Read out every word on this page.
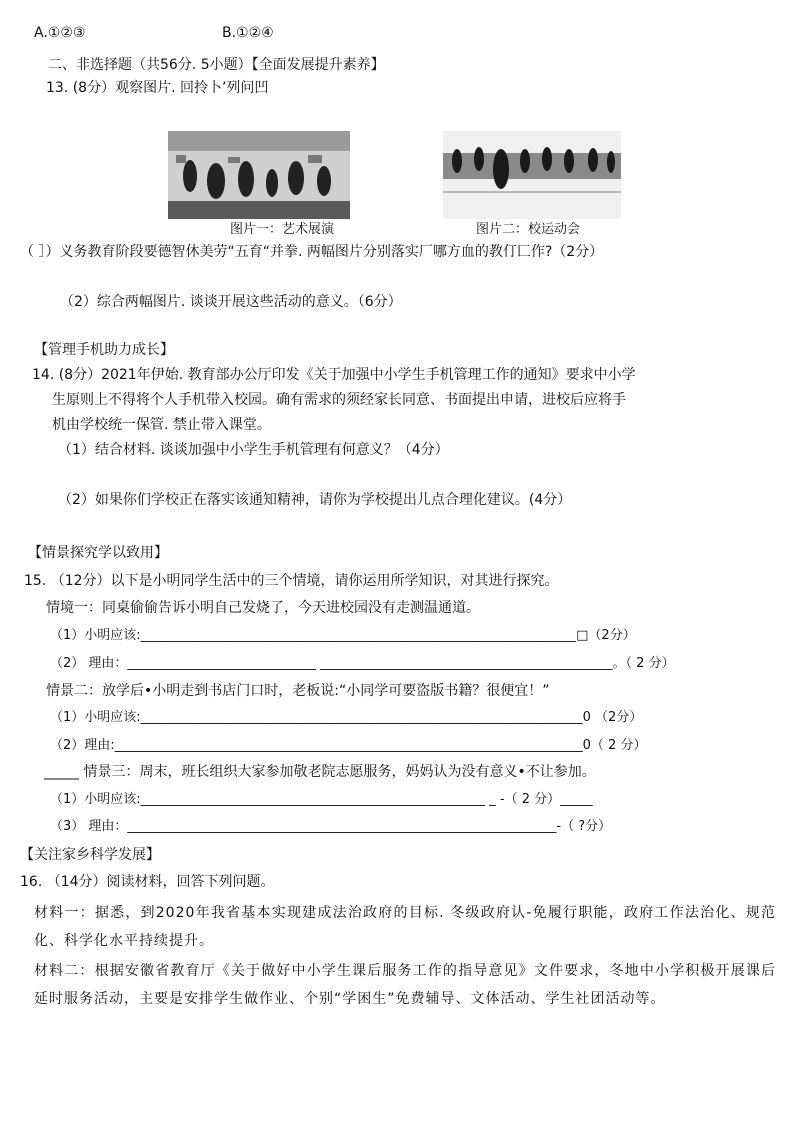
A.①②③	B.①②④
二、非选择题（共56分. 5小题）【全面发展提升素养】
13. (8分）观察图片. 回拎卜’列问凹
图片一：艺术展演	图片二：校运动会
（ ］）义务教育阶段要德智休美劳“五育“并拳. 两幅图片分别落实厂哪方血的教仃匚作?（2分）
（2）综合两幅图片. 谈谈开展这些活动的意义。（6分）
【管理手机助力成长】
14. (8分）2021年伊始. 教育部办公厅印发《关于加强中小学生手机管理工作的通知》要求中小学
生原则上不得将个人手机带入校园。确有需求的须经家长同意、书面提出申请，进校后应将手
机由学校统一保管. 禁止带入课堂。
（1）结合材料. 谈谈加强中小学生手机管理有何意义？（4分）
（2）如果你们学校正在落实该通知精神，请你为学校提出儿点合理化建议。(4分）
【情景探究学以致用】
15. （12分）以下是小明同学生活中的三个情境，请你运用所学知识，对其进行探究。
情境一：同桌偷偷告诉小明自己发烧了，今天进校园没有走测温通道。
（1）小明应该:___________________________________________________________________□（2分）
（2） 理由：_____________________________ _____________________________________________。（ 2 分）
情景二：放学后•小明走到书店门口时，老板说:“小同学可要盗版书籍？很便宜！”
（1）小明应该:____________________________________________________________________0 （2分）
（2）理由:________________________________________________________________________0（ 2 分）
_____ 情景三：周末，班长组织大家参加敬老院志愿服务，妈妈认为没有意义•不让参加。
（1）小明应该:_____________________________________________________ _ -（ 2 分）_____
（3） 理由：__________________________________________________________________-（ ?分）
【关注家乡科学发展】
16. （14分）阅读材料，回答下列问题。
材料一：据悉，到2020年我省基本实现建成法治政府的目标. 冬级政府认-免履行职能，政府工作法治化、规范化、科学化水平持续提升。
材料二：根据安徽省教育厅《关于做好中小学生课后服务工作的指导意见》文件要求，冬地中小学积极开展课后延时服务活动，主要是安排学生做作业、个别“学困生”免费辅导、文体活动、学生社团活动等。
